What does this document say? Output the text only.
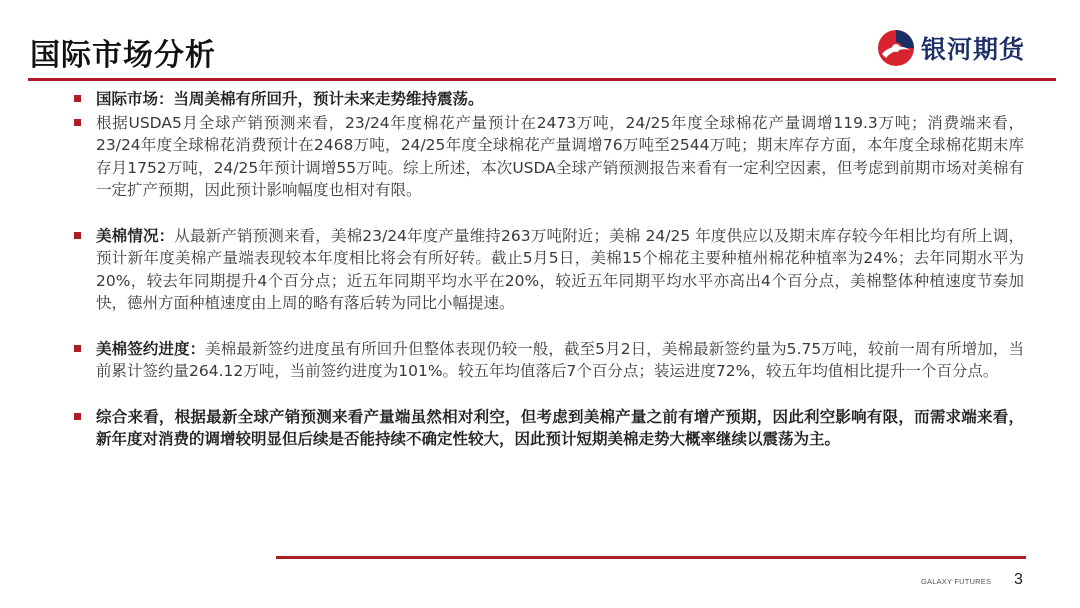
国际市场分析	银河期货
国际市场：当周美棉有所回升，预计未来走势维持震荡。
根据USDA5月全球产销预测来看，23/24年度棉花产量预计在2473万吨，24/25年度全球棉花产量调增119.3万吨；消费端来看，23/24年度全球棉花消费预计在2468万吨，24/25年度全球棉花产量调增76万吨至2544万吨；期末库存方面，本年度全球棉花期末库存月1752万吨，24/25年预计调增55万吨。综上所述，本次USDA全球产销预测报告来看有一定利空因素，但考虑到前期市场对美棉有一定扩产预期，因此预计影响幅度也相对有限。
美棉情况：从最新产销预测来看，美棉23/24年度产量维持263万吨附近；美棉 24/25 年度供应以及期末库存较今年相比均有所上调，预计新年度美棉产量端表现较本年度相比将会有所好转。截止5月5日，美棉15个棉花主要种植州棉花种植率为24%；去年同期水平为20%，较去年同期提升4个百分点；近五年同期平均水平在20%，较近五年同期平均水平亦高出4个百分点，美棉整体种植速度节奏加快，德州方面种植速度由上周的略有落后转为同比小幅提速。
美棉签约进度：美棉最新签约进度虽有所回升但整体表现仍较一般，截至5月2日，美棉最新签约量为5.75万吨，较前一周有所增加，当前累计签约量264.12万吨，当前签约进度为101%。较五年均值落后7个百分点；装运进度72%，较五年均值相比提升一个百分点。
综合来看，根据最新全球产销预测来看产量端虽然相对利空，但考虑到美棉产量之前有增产预期，因此利空影响有限，而需求端来看，新年度对消费的调增较明显但后续是否能持续不确定性较大，因此预计短期美棉走势大概率继续以震荡为主。
GALAXY FUTURES 3
